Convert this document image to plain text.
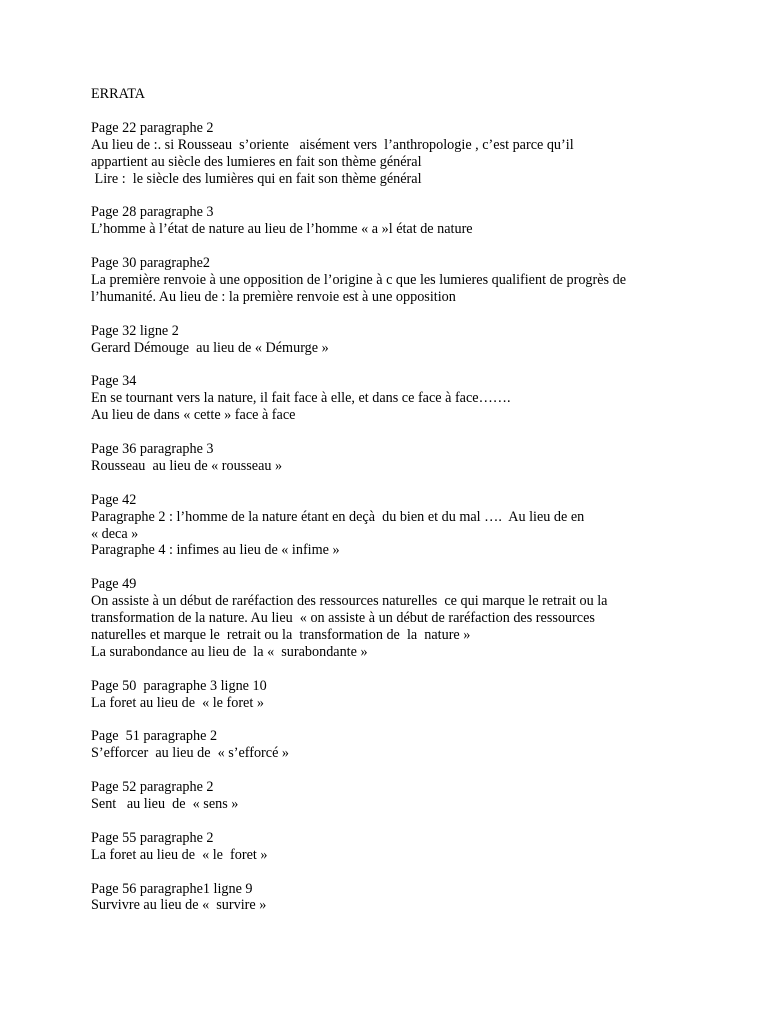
ERRATA
Page 22 paragraphe 2
Au lieu de :. si Rousseau  s’oriente   aisément vers  l’anthropologie , c’est parce qu’il
appartient au siècle des lumieres en fait son thème général
Lire :  le siècle des lumières qui en fait son thème général
Page 28 paragraphe 3
L’homme à l’état de nature au lieu de l’homme « a »l état de nature
Page 30 paragraphe2
La première renvoie à une opposition de l’origine à c que les lumieres qualifient de progrès de
l’humanité. Au lieu de : la première renvoie est à une opposition
Page 32 ligne 2
Gerard Démouge  au lieu de « Démurge »
Page 34
En se tournant vers la nature, il fait face à elle, et dans ce face à face…….
Au lieu de dans « cette » face à face
Page 36 paragraphe 3
Rousseau  au lieu de « rousseau »
Page 42
Paragraphe 2 : l’homme de la nature étant en deçà  du bien et du mal ….  Au lieu de en
« deca »
Paragraphe 4 : infimes au lieu de « infime »
Page 49
On assiste à un début de raréfaction des ressources naturelles  ce qui marque le retrait ou la
transformation de la nature. Au lieu  « on assiste à un début de raréfaction des ressources
naturelles et marque le  retrait ou la  transformation de  la  nature »
La surabondance au lieu de  la «  surabondante »
Page 50  paragraphe 3 ligne 10
La foret au lieu de  « le foret »
Page  51 paragraphe 2
S’efforcer  au lieu de  « s’efforcé »
Page 52 paragraphe 2
Sent   au lieu  de  « sens »
Page 55 paragraphe 2
La foret au lieu de  « le  foret »
Page 56 paragraphe1 ligne 9
Survivre au lieu de «  survire »
